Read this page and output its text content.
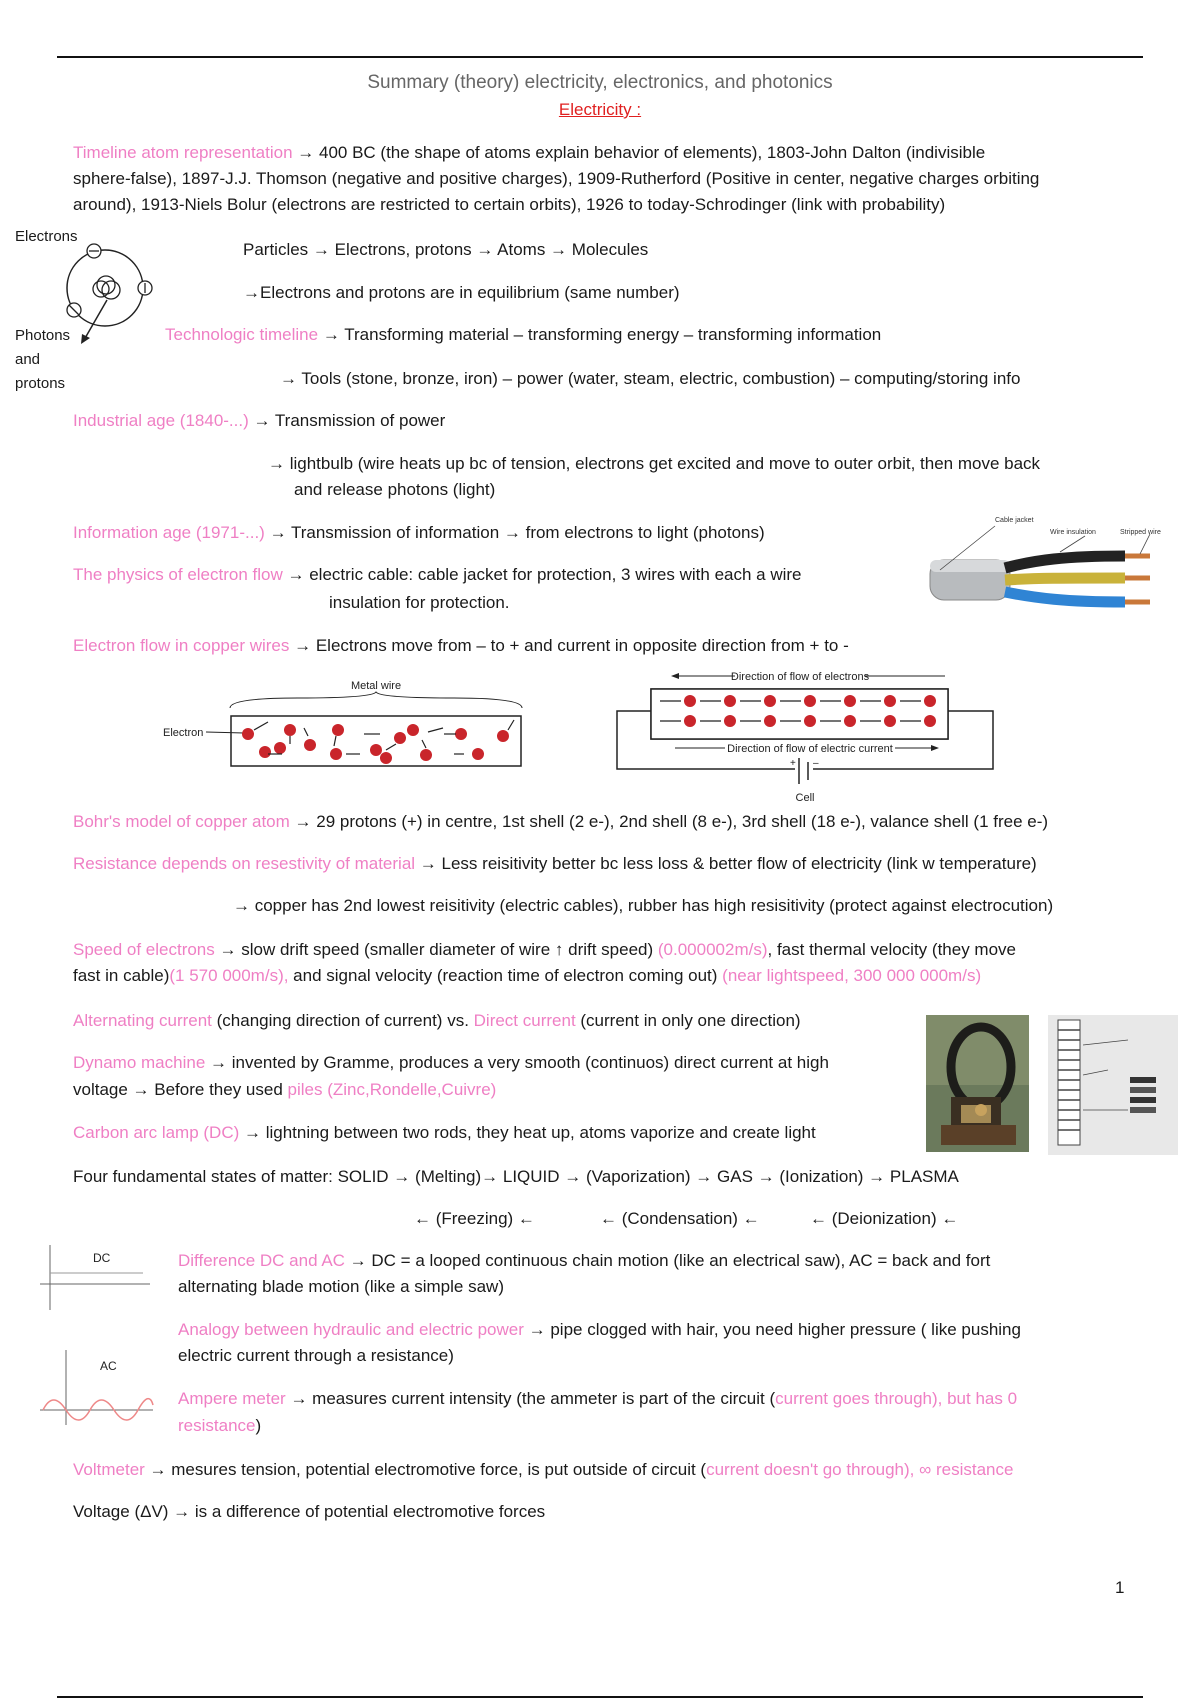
Summary (theory) electricity, electronics, and photonics
Electricity :
Timeline atom representation → 400 BC (the shape of atoms explain behavior of elements), 1803-John Dalton (indivisible
sphere-false), 1897-J.J. Thomson (negative and positive charges), 1909-Rutherford (Positive in center, negative charges orbiting
around), 1913-Niels Bolur (electrons are restricted to certain orbits), 1926 to today-Schrodinger (link with probability)
Electrons
Photons
and
protons
Particles → Electrons, protons → Atoms → Molecules
→Electrons and protons are in equilibrium (same number)
Technologic timeline → Transforming material – transforming energy – transforming information
→ Tools (stone, bronze, iron) – power (water, steam, electric, combustion) – computing/storing info
Industrial age (1840-...) → Transmission of power
→ lightbulb (wire heats up bc of tension, electrons get excited and move to outer orbit, then move back
and release photons (light)
Information age (1971-...) → Transmission of information → from electrons to light (photons)
Cable jacket
Wire insulation	Stripped wire
The physics of electron flow → electric cable: cable jacket for protection, 3 wires with each a wire
insulation for protection.
Electron flow in copper wires → Electrons move from – to + and current in opposite direction from + to -
Metal wire
Electron
Direction of flow of electrons
Direction of flow of electric current
+ –
Cell
Bohr's model of copper atom → 29 protons (+) in centre, 1st shell (2 e-), 2nd shell (8 e-), 3rd shell (18 e-), valance shell (1 free e-)
Resistance depends on resestivity of material → Less reisitivity better bc less loss & better flow of electricity (link w temperature)
→ copper has 2nd lowest reisitivity (electric cables), rubber has high resisitivity (protect against electrocution)
Speed of electrons → slow drift speed (smaller diameter of wire ↑ drift speed) (0.000002m/s), fast thermal velocity (they move
fast in cable)(1 570 000m/s), and signal velocity (reaction time of electron coming out) (near lightspeed, 300 000 000m/s)
Alternating current (changing direction of current) vs. Direct current (current in only one direction)
Dynamo machine → invented by Gramme, produces a very smooth (continuos) direct current at high
voltage → Before they used piles (Zinc,Rondelle,Cuivre)
Carbon arc lamp (DC) → lightning between two rods, they heat up, atoms vaporize and create light
Four fundamental states of matter: SOLID → (Melting)→ LIQUID → (Vaporization) → GAS → (Ionization) → PLASMA
← (Freezing) ←	← (Condensation) ←	← (Deionization) ←
DC
AC
Difference DC and AC → DC = a looped continuous chain motion (like an electrical saw), AC = back and fort
alternating blade motion (like a simple saw)
Analogy between hydraulic and electric power → pipe clogged with hair, you need higher pressure ( like pushing
electric current through a resistance)
Ampere meter → measures current intensity (the ammeter is part of the circuit (current goes through), but has 0
resistance)
Voltmeter → mesures tension, potential electromotive force, is put outside of circuit (current doesn't go through), ∞ resistance
Voltage (ΔV) → is a difference of potential electromotive forces
1
